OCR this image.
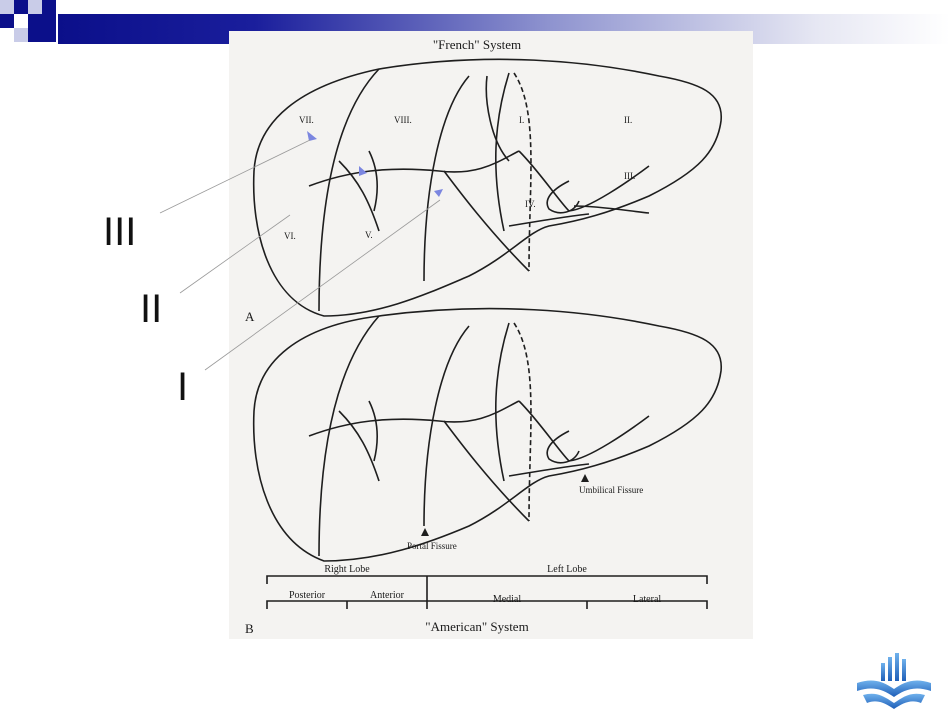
"French" System
"American" System
A
B
I.	II.
III.
IV.
V.
VI.
VII.	VIII.
Umbilical Fissure
Portal Fissure
Right Lobe	Left Lobe
Posterior	Anterior	Medial	Lateral
III
II
I
